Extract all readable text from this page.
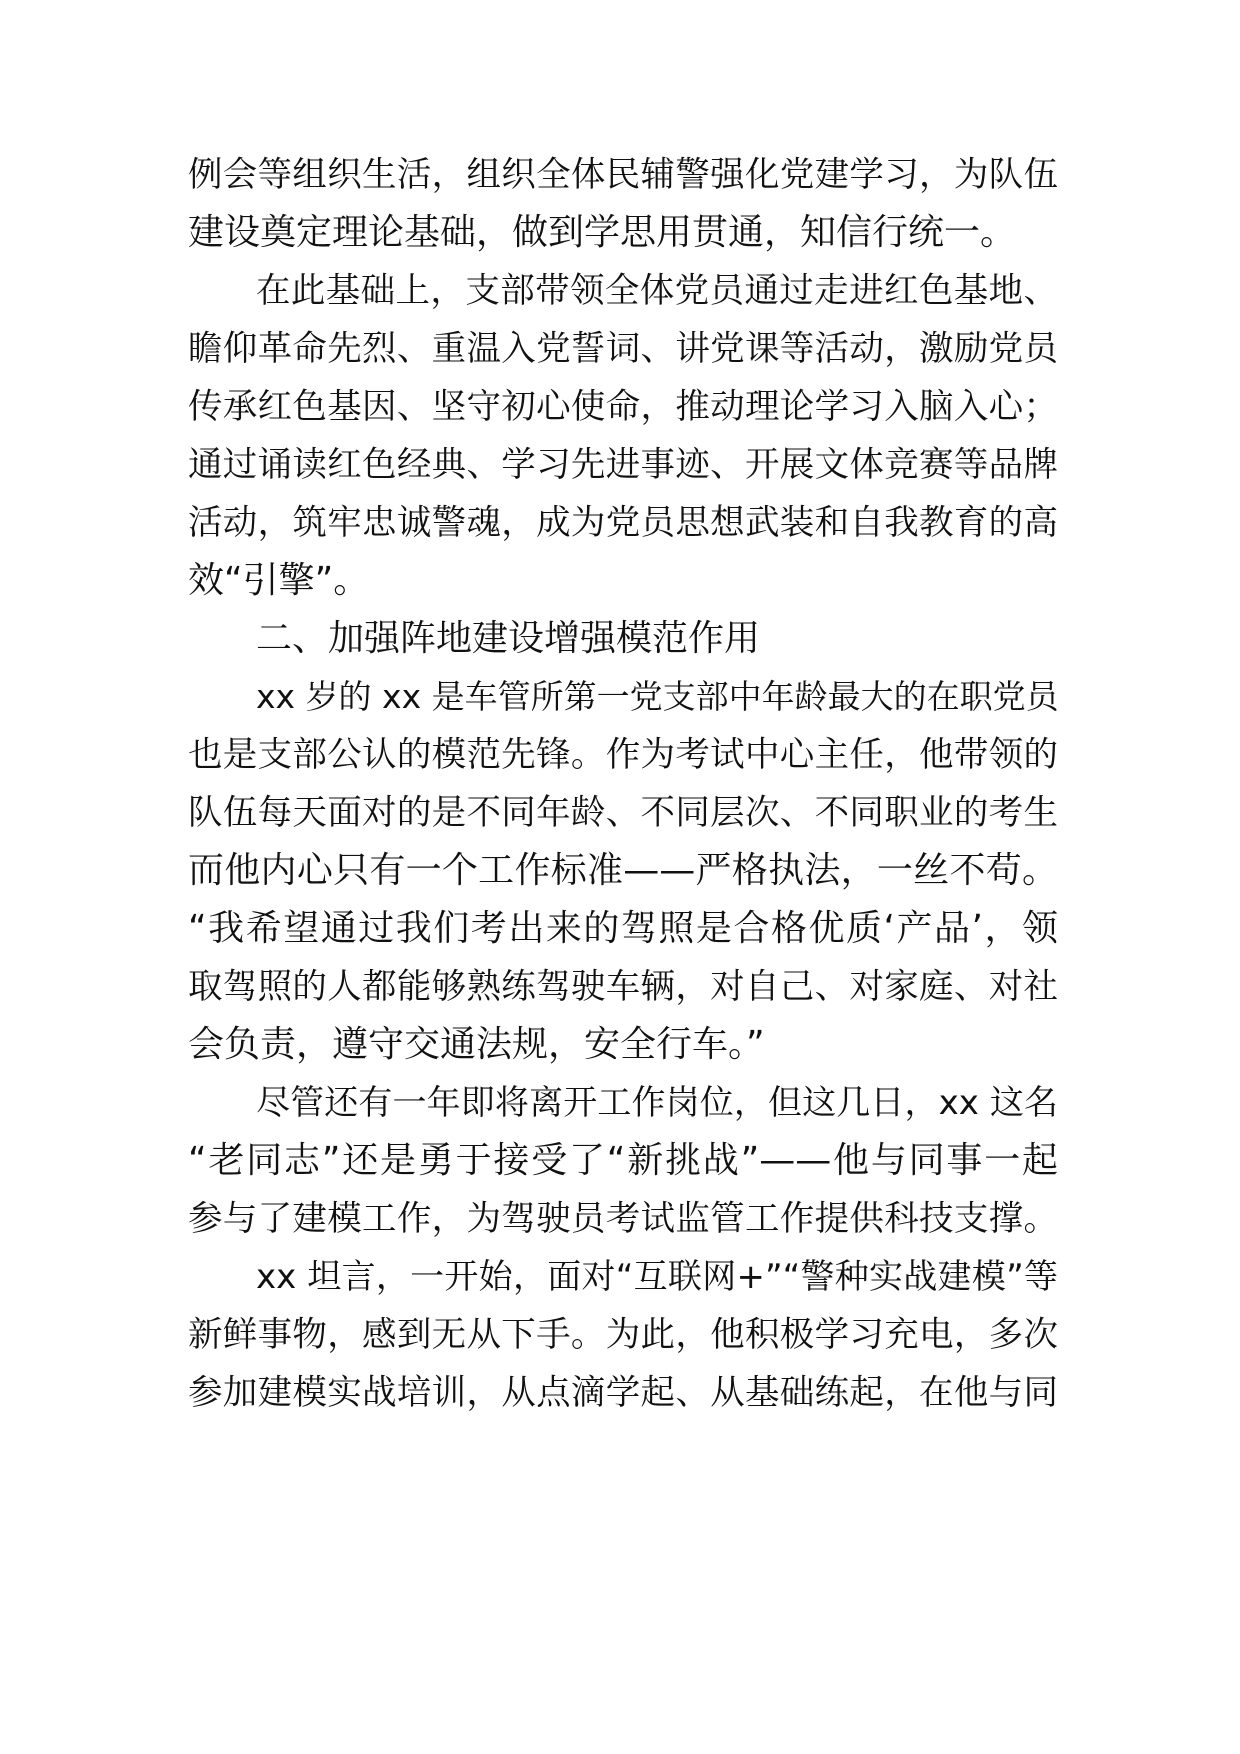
例会等组织生活，组织全体民辅警强化党建学习，为队伍

建设奠定理论基础，做到学思用贯通，知信行统一。

在此基础上，支部带领全体党员通过走进红色基地、

瞻仰革命先烈、重温入党誓词、讲党课等活动，激励党员

传承红色基因、坚守初心使命，推动理论学习入脑入心；

通过诵读红色经典、学习先进事迹、开展文体竞赛等品牌

活动，筑牢忠诚警魂，成为党员思想武装和自我教育的高

效“引擎”。

二、加强阵地建设增强模范作用

xx 岁的 xx 是车管所第一党支部中年龄最大的在职党员

也是支部公认的模范先锋。作为考试中心主任，他带领的

队伍每天面对的是不同年龄、不同层次、不同职业的考生

而他内心只有一个工作标准——严格执法，一丝不苟。

“我希望通过我们考出来的驾照是合格优质‘产品’，领

取驾照的人都能够熟练驾驶车辆，对自己、对家庭、对社

会负责，遵守交通法规，安全行车。”

尽管还有一年即将离开工作岗位，但这几日，xx 这名

“老同志”还是勇于接受了“新挑战”——他与同事一起

参与了建模工作，为驾驶员考试监管工作提供科技支撑。

xx 坦言，一开始，面对“互联网+”“警种实战建模”等

新鲜事物，感到无从下手。为此，他积极学习充电，多次

参加建模实战培训，从点滴学起、从基础练起，在他与同
